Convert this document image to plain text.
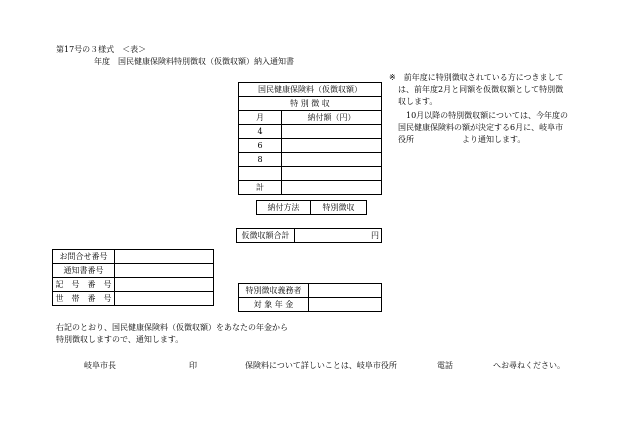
第17号の３様式　＜表＞
年度　国民健康保険料特別徴収（仮徴収額）納入通知書
国民健康保険料（仮徴収額）	
特 別 徴 収	
月	納付額（円）
4	
6	
8	

計	
※ 前年度に特別徴収されている方につきまして
は、前年度2月と同額を仮徴収額として特別徴
収します。
10月以降の特別徴収額については、今年度の
国民健康保険料の額が決定する6月に、岐阜市
役所　　　　　　より通知します。
納付方法	特別徴収
仮徴収額合計	円
お問合せ番号	
通知書番号	
記　号　番　号	
世　帯　番　号	
特別徴収義務者	
対 象 年 金	
右記のとおり、国民健康保険料（仮徴収額）をあなたの年金から
特別徴収しますので、通知します。
岐阜市長	印	保険料について詳しいことは、岐阜市役所	電話	へお尋ねください。
